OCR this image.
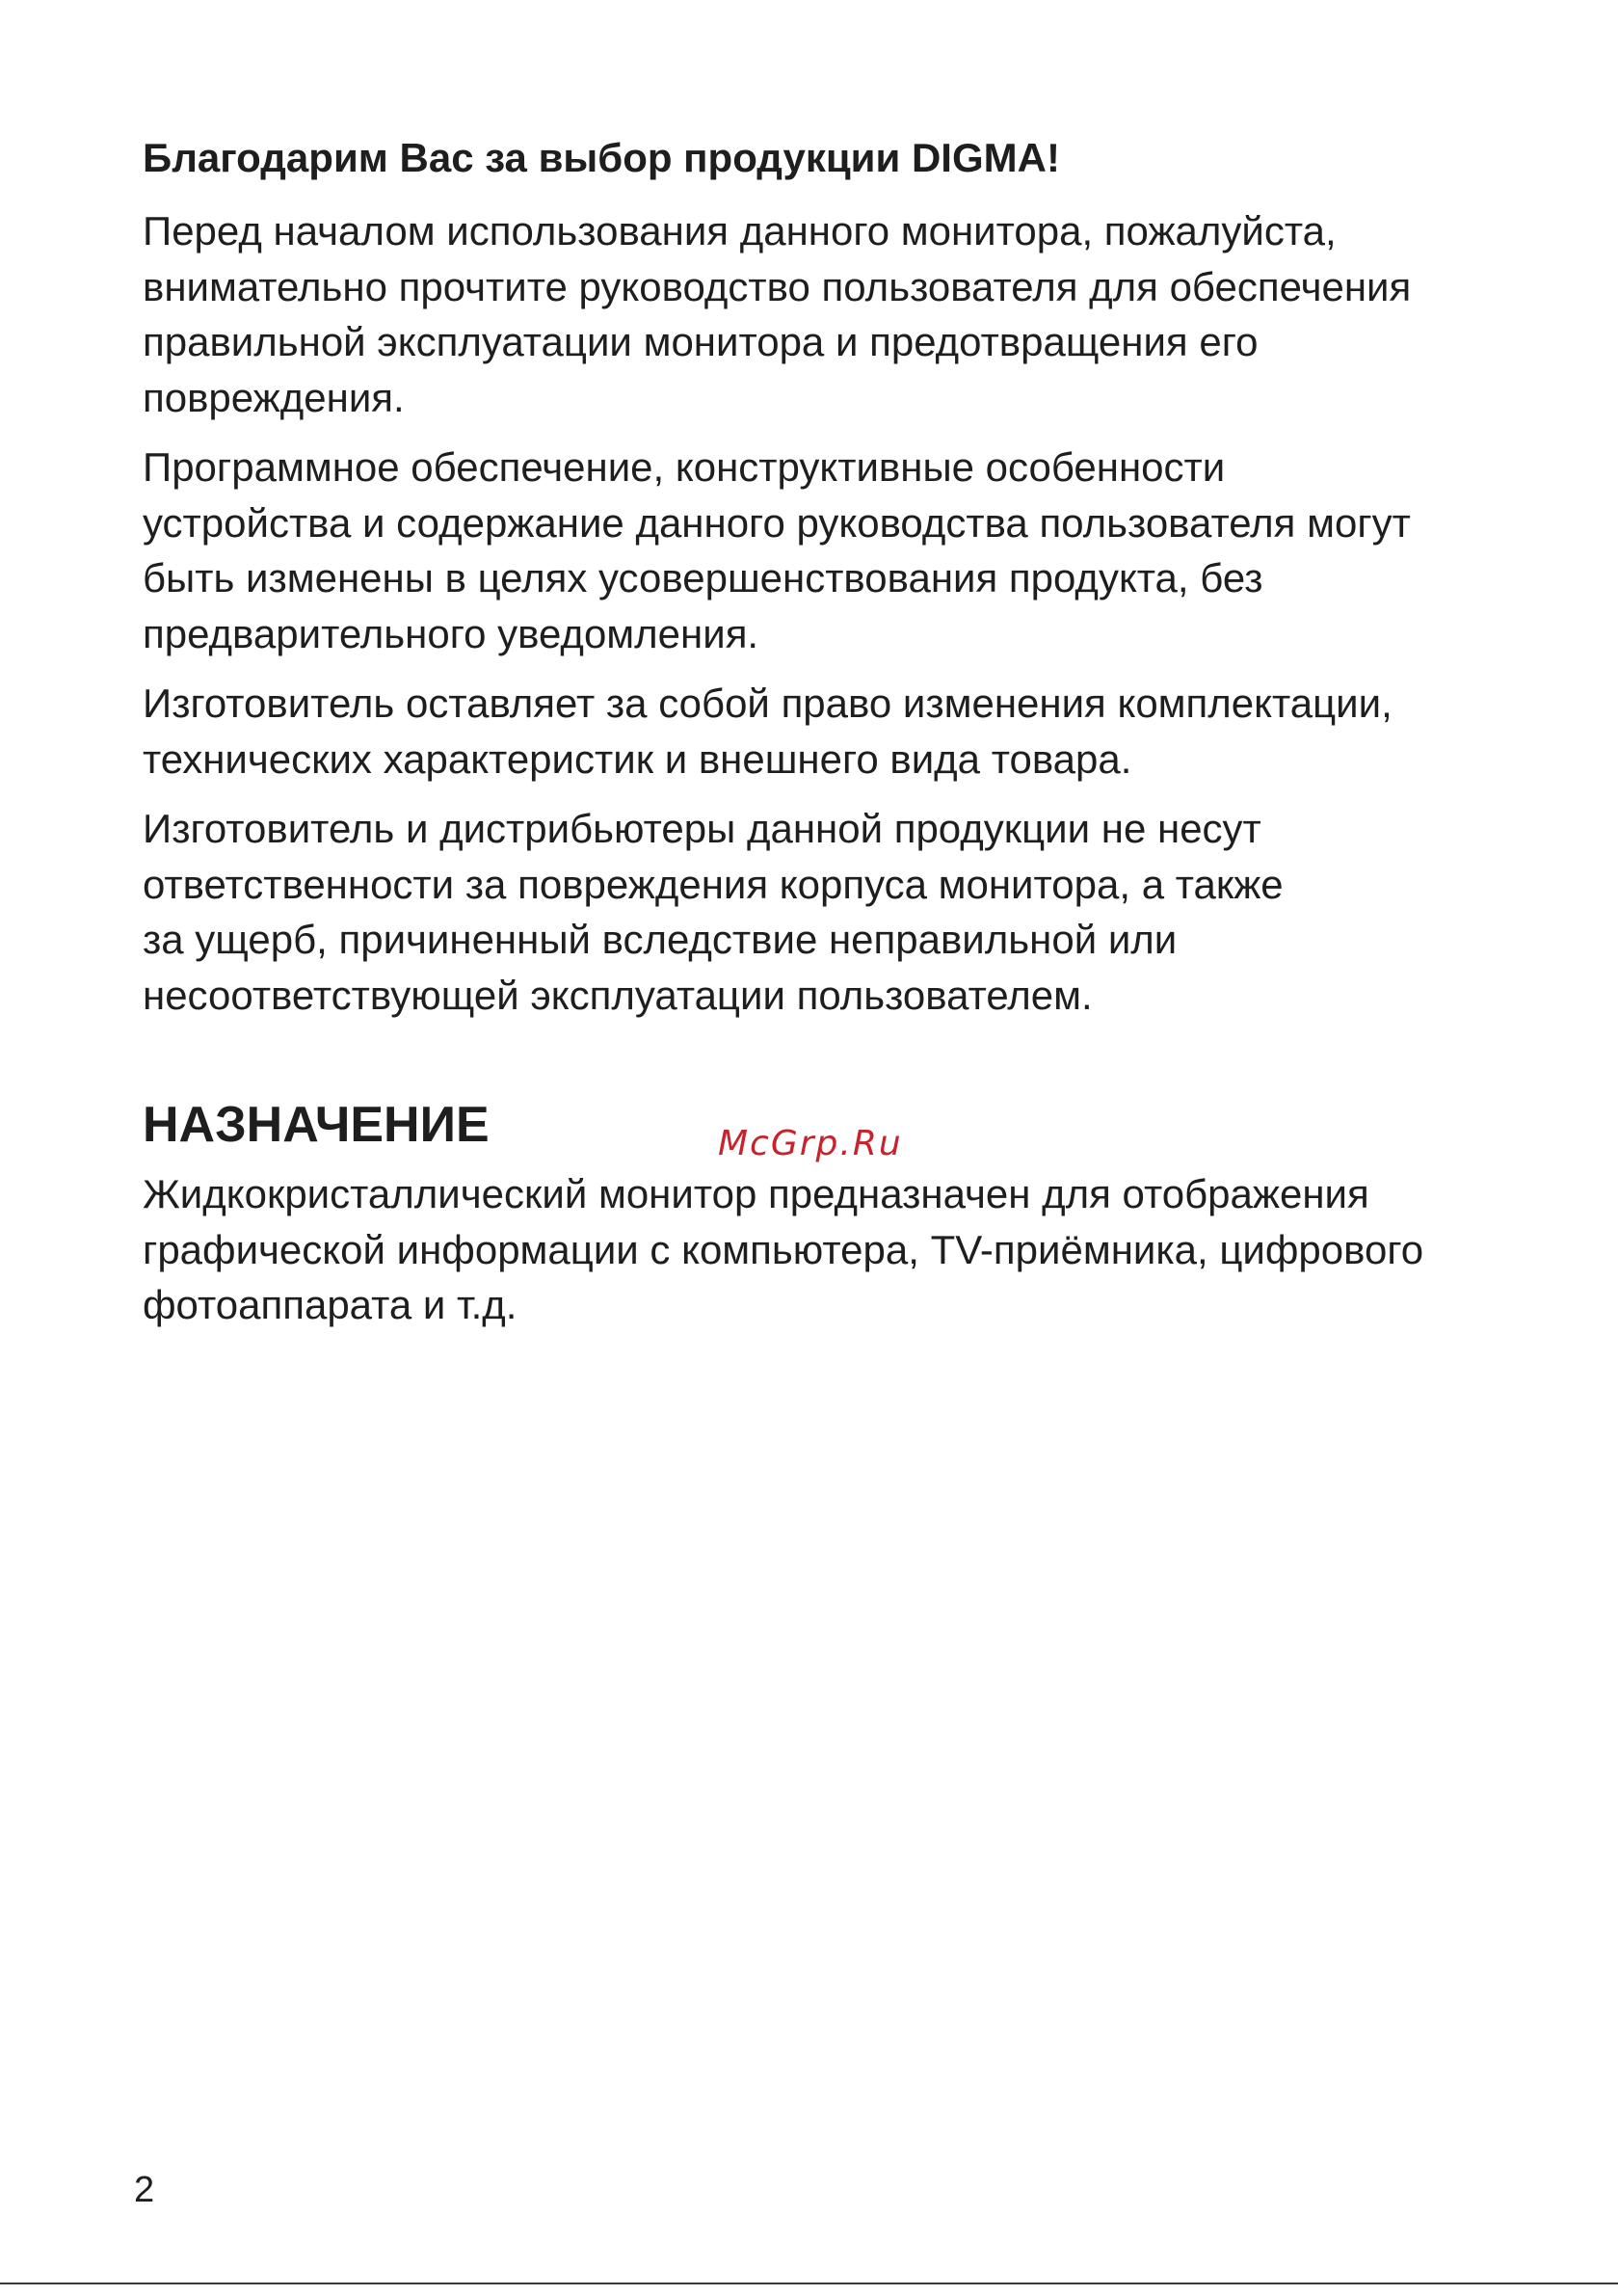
Благодарим Вас за выбор продукции DIGMA!

Перед началом использования данного монитора, пожалуйста,
внимательно прочтите руководство пользователя для обеспечения
правильной эксплуатации монитора и предотвращения его
повреждения.

Программное обеспечение, конструктивные особенности
устройства и содержание данного руководства пользователя могут
быть изменены в целях усовершенствования продукта, без
предварительного уведомления.

Изготовитель оставляет за собой право изменения комплектации,
технических характеристик и внешнего вида товара.

Изготовитель и дистрибьютеры данной продукции не несут
ответственности за повреждения корпуса монитора, а также
за ущерб, причиненный вследствие неправильной или
несоответствующей эксплуатации пользователем.

НАЗНАЧЕНИЕ

Жидкокристаллический монитор предназначен для отображения
графической информации с компьютера, TV-приёмника, цифрового
фотоаппарата и т.д.

McGrp.Ru
2
